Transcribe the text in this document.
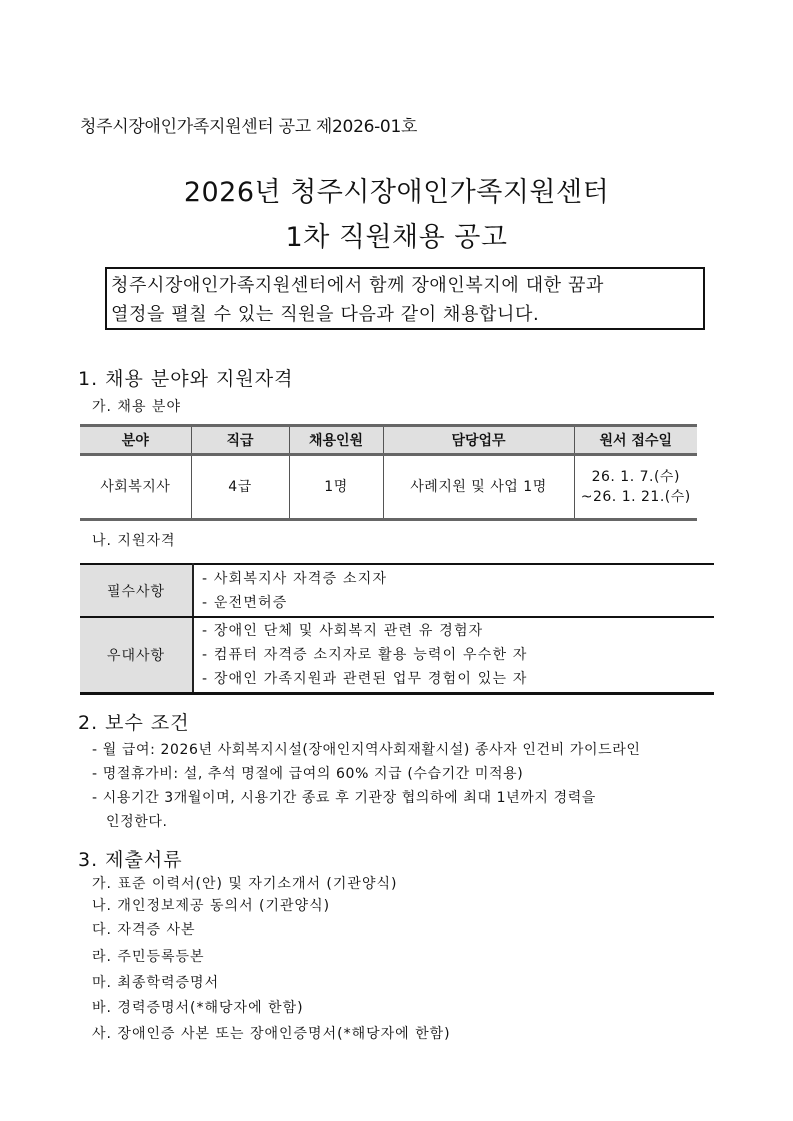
청주시장애인가족지원센터 공고 제2026-01호
2026년 청주시장애인가족지원센터
1차 직원채용 공고
청주시장애인가족지원센터에서 함께 장애인복지에 대한 꿈과
열정을 펼칠 수 있는 직원을 다음과 같이 채용합니다.
1. 채용 분야와 지원자격
가. 채용 분야
분야	직급	채용인원	담당업무	원서 접수일
사회복지사	4급	1명	사례지원 및 사업 1명	26. 1. 7.(수)
~26. 1. 21.(수)
나. 지원자격
필수사항	- 사회복지사 자격증 소지자
- 운전면허증

우대사항	- 장애인 단체 및 사회복지 관련 유 경험자
- 컴퓨터 자격증 소지자로 활용 능력이 우수한 자
- 장애인 가족지원과 관련된 업무 경험이 있는 자
2. 보수 조건
- 월 급여: 2026년 사회복지시설(장애인지역사회재활시설) 종사자 인건비 가이드라인
- 명절휴가비: 설, 추석 명절에 급여의 60% 지급 (수습기간 미적용)
- 시용기간 3개월이며, 시용기간 종료 후 기관장 협의하에 최대 1년까지 경력을
인정한다.
3. 제출서류
가. 표준 이력서(안) 및 자기소개서 (기관양식)
나. 개인정보제공 동의서 (기관양식)
다. 자격증 사본
라. 주민등록등본
마. 최종학력증명서
바. 경력증명서(*해당자에 한함)
사. 장애인증 사본 또는 장애인증명서(*해당자에 한함)
